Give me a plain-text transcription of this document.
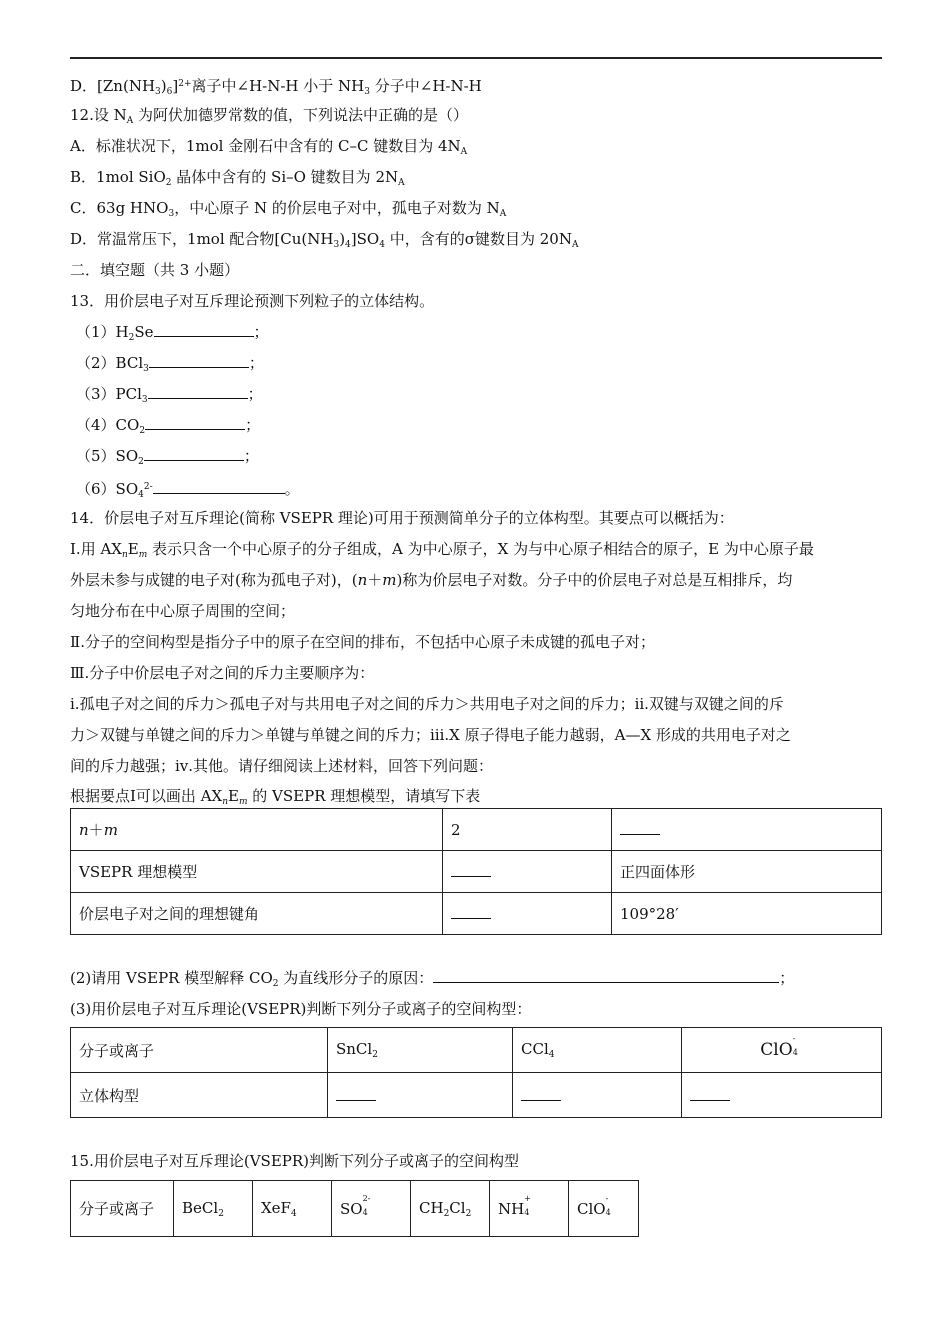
D．$[Zn(NH_3)_6]^{2+}$离子中∠H-N-H 小于 $NH_3$ 分子中∠H-N-H
12.设 $N_A$ 为阿伏加德罗常数的值，下列说法中正确的是（）
A．标准状况下，1mol 金刚石中含有的 C–C 键数目为 $4N_A$
B．1mol SiO$_2$ 晶体中含有的 Si–O 键数目为 $2N_A$
C．63g $HNO_3$，中心原子 N 的价层电子对中，孤电子对数为 $N_A$
D．常温常压下，1mol 配合物$[Cu(NH_3)_4]SO_4$ 中，含有的σ键数目为 $20N_A$
二．填空题（共 3 小题）
13．用价层电子对互斥理论预测下列粒子的立体结构。
$(1)H_2Se$	；
（2）BCl$_3$	；
（3）PCl$_3$	；
$(4)CO_2$	；
$(5)SO_2$	；
$(6)SO_4^{2-}$	。
14．价层电子对互斥理论(简称 VSEPR 理论)可用于预测简单分子的立体构型。其要点可以概括为：
Ⅰ.用 $AX_nE_m$ 表示只含一个中心原子的分子组成，A 为中心原子，X 为与中心原子相结合的原子，E 为中心原子最
外层未参与成键的电子对(称为孤电子对)，(n＋m)称为价层电子对数。分子中的价层电子对总是互相排斥，均
匀地分布在中心原子周围的空间；
Ⅱ.分子的空间构型是指分子中的原子在空间的排布，不包括中心原子未成键的孤电子对；
Ⅲ.分子中价层电子对之间的斥力主要顺序为：
i.孤电子对之间的斥力＞孤电子对与共用电子对之间的斥力＞共用电子对之间的斥力；ⅱ.双键与双键之间的斥
力＞双键与单键之间的斥力＞单键与单键之间的斥力；ⅲ.X 原子得电子能力越弱，A—X 形成的共用电子对之
间的斥力越强；ⅳ.其他。请仔细阅读上述材料，回答下列问题：
根据要点Ⅰ可以画出 $AX_nE_m$ 的 VSEPR 理想模型，请填写下表
n＋m	2	
VSEPR 理想模型		正四面体形
价层电子对之间的理想键角		109°28′
(2)请用 VSEPR 模型解释 $CO_2$ 为直线形分子的原因：	；
(3)用价层电子对互斥理论(VSEPR)判断下列分子或离子的空间构型：
分子或离子	SnCl$_2$	CCl$_4$	ClO
-
4

立体构型			
15.用价层电子对互斥理论(VSEPR)判断下列分子或离子的空间构型
分子或离子	BeCl$_2$	XeF$_4$	SO
2-
4	$CH_2Cl_2$	NH
+
4	ClO
-
4
